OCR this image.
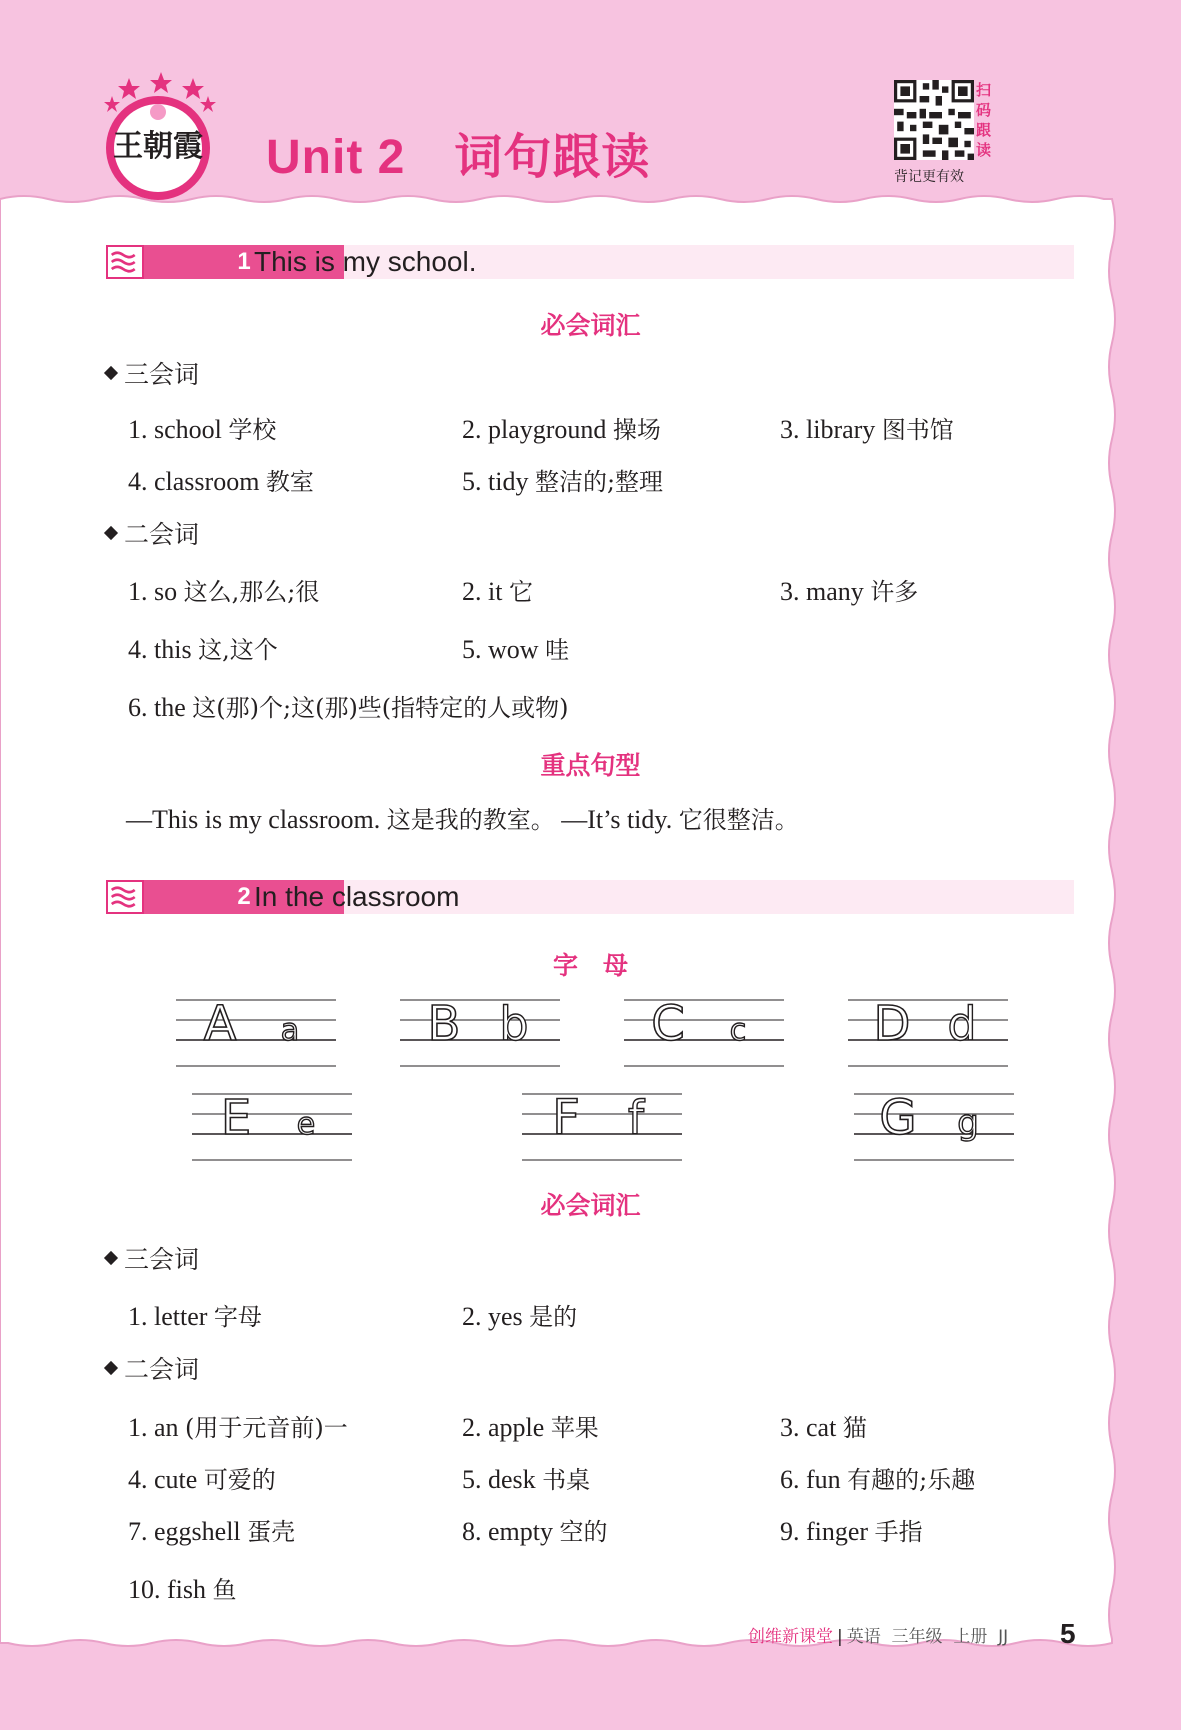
王朝霞 Unit 2　词句跟读
扫
码
跟
读
背记更有效
1 This is my school.
必会词汇
三会词
1. school 学校	2. playground 操场	3. library 图书馆
4. classroom 教室	5. tidy 整洁的;整理
二会词
1. so 这么,那么;很	2. it 它	3. many 许多
4. this 这,这个	5. wow 哇
6. the 这(那)个;这(那)些(指特定的人或物)
重点句型
—This is my classroom. 这是我的教室。 —It’s tidy. 它很整洁。
2 In the classroom
字　母
A a	B b	C c	D d
E e	F f	G g
必会词汇
三会词
1. letter 字母	2. yes 是的
二会词
1. an (用于元音前)一	2. apple 苹果	3. cat 猫
4. cute 可爱的	5. desk 书桌	6. fun 有趣的;乐趣
7. eggshell 蛋壳	8. empty 空的	9. finger 手指
10. fish 鱼
创维新课堂 | 英语 三年级 上册 JJ 5
